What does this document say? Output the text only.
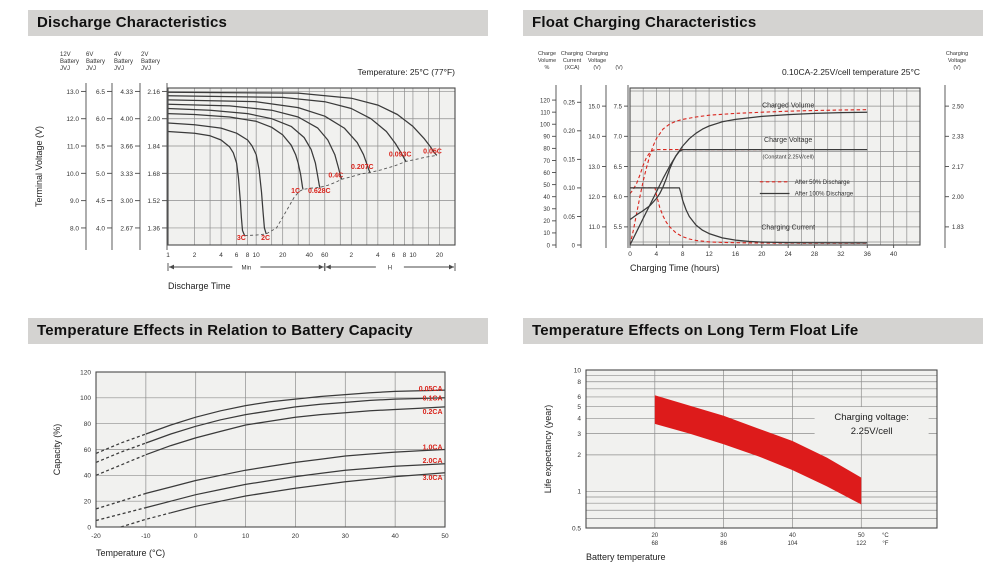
Discharge Characteristics
12V
Battery
JVJ
13.0
12.0
11.0
10.0
9.0
8.0
6V
Battery
JVJ
6.5
6.0
5.5
5.0
4.5
4.0
4V
Battery
JVJ
4.33
4.00
3.66
3.33
3.00
2.67
2V
Battery
JVJ
2.16
2.00
1.84
1.68
1.52
1.36
Temperature: 25°C (77°F)
Terminal Voltage (V)
3C 2C
1C 0.628C
0.4C
0.207C
0.093C 0.05C
1	2	4 6 8 10	20	40 60	2	4 6 8 10	20
Min	H
Discharge Time
Float Charging Characteristics
Charge
Volume
%
120
110
100
90
80
70
60
50
40
30
20
10
0
Charging
Current
(XCA)
0.25
0.20
0.15
0.10
0.05
0
Charging
Voltage
(V)
15.0
14.0
13.0
12.0
11.0
(V)
7.5
7.0
6.5
6.0
5.5
Charging
Voltage
(V)
2.50
2.33
2.17
2.00
1.83
0.10CA-2.25V/cell temperature 25°C
Charged Volume
Charge Voltage
(Constant 2.25V/cell)
Charging Current
After 50% Discharge
After 100% Discharge
0	4	8	12	16	20	24	28	32	36	40
Charging Time (hours)
Temperature Effects in Relation to Battery Capacity
0.05CA
0.1CA
0.2CA
1.0CA
2.0CA
3.0CA
-20	-10	0	10	20	30	40	50
0
20
40
60
80
100
120
Capacity (%)
Temperature (°C)
Temperature Effects on Long Term Float Life
Charging voltage:
2.25V/cell
10
8
6
5
4
3
2
1
0.5
20
68
30
86
40
104
50
122
°C
°F
Life expectancy (year)
Battery temperature
